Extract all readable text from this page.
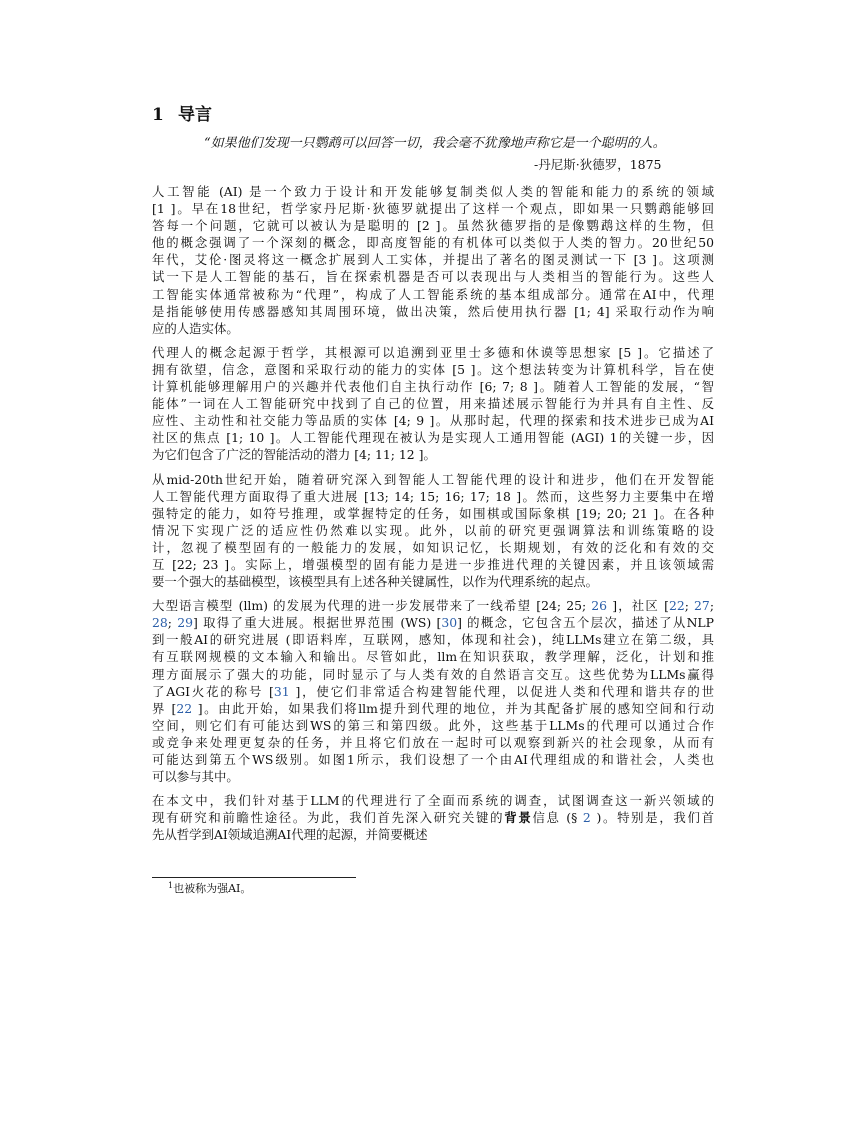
1 导言
“如果他们发现一只鹦鹉可以回答一切，我会毫不犹豫地声称它是一个聪明的人。
-丹尼斯·狄德罗，1875
人工智能 (AI) 是一个致力于设计和开发能够复制类似人类的智能和能力的系统的领域
[1 ]。早在18世纪，哲学家丹尼斯·狄德罗就提出了这样一个观点，即如果一只鹦鹉能够回
答每一个问题，它就可以被认为是聪明的 [2 ]。虽然狄德罗指的是像鹦鹉这样的生物，但
他的概念强调了一个深刻的概念，即高度智能的有机体可以类似于人类的智力。20世纪50
年代，艾伦·图灵将这一概念扩展到人工实体，并提出了著名的图灵测试一下 [3 ]。这项测
试一下是人工智能的基石，旨在探索机器是否可以表现出与人类相当的智能行为。这些人
工智能实体通常被称为“代理”，构成了人工智能系统的基本组成部分。通常在AI中，代理
是指能够使用传感器感知其周围环境，做出决策，然后使用执行器 [1; 4] 采取行动作为响
应的人造实体。
代理人的概念起源于哲学，其根源可以追溯到亚里士多德和休谟等思想家 [5 ]。它描述了
拥有欲望，信念，意图和采取行动的能力的实体 [5 ]。这个想法转变为计算机科学，旨在使
计算机能够理解用户的兴趣并代表他们自主执行动作 [6; 7; 8 ]。随着人工智能的发展，“智
能体”一词在人工智能研究中找到了自己的位置，用来描述展示智能行为并具有自主性、反
应性、主动性和社交能力等品质的实体 [4; 9 ]。从那时起，代理的探索和技术进步已成为AI
社区的焦点 [1; 10 ]。人工智能代理现在被认为是实现人工通用智能 (AGI) 1的关键一步，因
为它们包含了广泛的智能活动的潜力 [4; 11; 12 ]。
从mid-20th世纪开始，随着研究深入到智能人工智能代理的设计和进步，他们在开发智能
人工智能代理方面取得了重大进展 [13; 14; 15; 16; 17; 18 ]。然而，这些努力主要集中在增
强特定的能力，如符号推理，或掌握特定的任务，如围棋或国际象棋 [19; 20; 21 ]。在各种
情况下实现广泛的适应性仍然难以实现。此外，以前的研究更强调算法和训练策略的设
计，忽视了模型固有的一般能力的发展，如知识记忆，长期规划，有效的泛化和有效的交
互 [22; 23 ]。实际上，增强模型的固有能力是进一步推进代理的关键因素，并且该领域需
要一个强大的基础模型，该模型具有上述各种关键属性，以作为代理系统的起点。
大型语言模型 (llm) 的发展为代理的进一步发展带来了一线希望 [24; 25; 26 ]，社区 [22; 27;
28; 29] 取得了重大进展。根据世界范围 (WS) [30] 的概念，它包含五个层次，描述了从NLP
到一般AI的研究进展 (即语料库，互联网，感知，体现和社会)，纯LLMs建立在第二级，具
有互联网规模的文本输入和输出。尽管如此，llm在知识获取，教学理解，泛化，计划和推
理方面展示了强大的功能，同时显示了与人类有效的自然语言交互。这些优势为LLMs赢得
了AGI火花的称号 [31 ]，使它们非常适合构建智能代理，以促进人类和代理和谐共存的世
界 [22 ]。由此开始，如果我们将llm提升到代理的地位，并为其配备扩展的感知空间和行动
空间，则它们有可能达到WS的第三和第四级。此外，这些基于LLMs的代理可以通过合作
或竞争来处理更复杂的任务，并且将它们放在一起时可以观察到新兴的社会现象，从而有
可能达到第五个WS级别。如图1所示，我们设想了一个由AI代理组成的和谐社会，人类也
可以参与其中。
在本文中，我们针对基于LLM的代理进行了全面而系统的调查，试图调查这一新兴领域的
现有研究和前瞻性途径。为此，我们首先深入研究关键的背景信息 (§ 2 )。特别是，我们首
先从哲学到AI领域追溯AI代理的起源，并简要概述
$^1$也被称为强AI。
